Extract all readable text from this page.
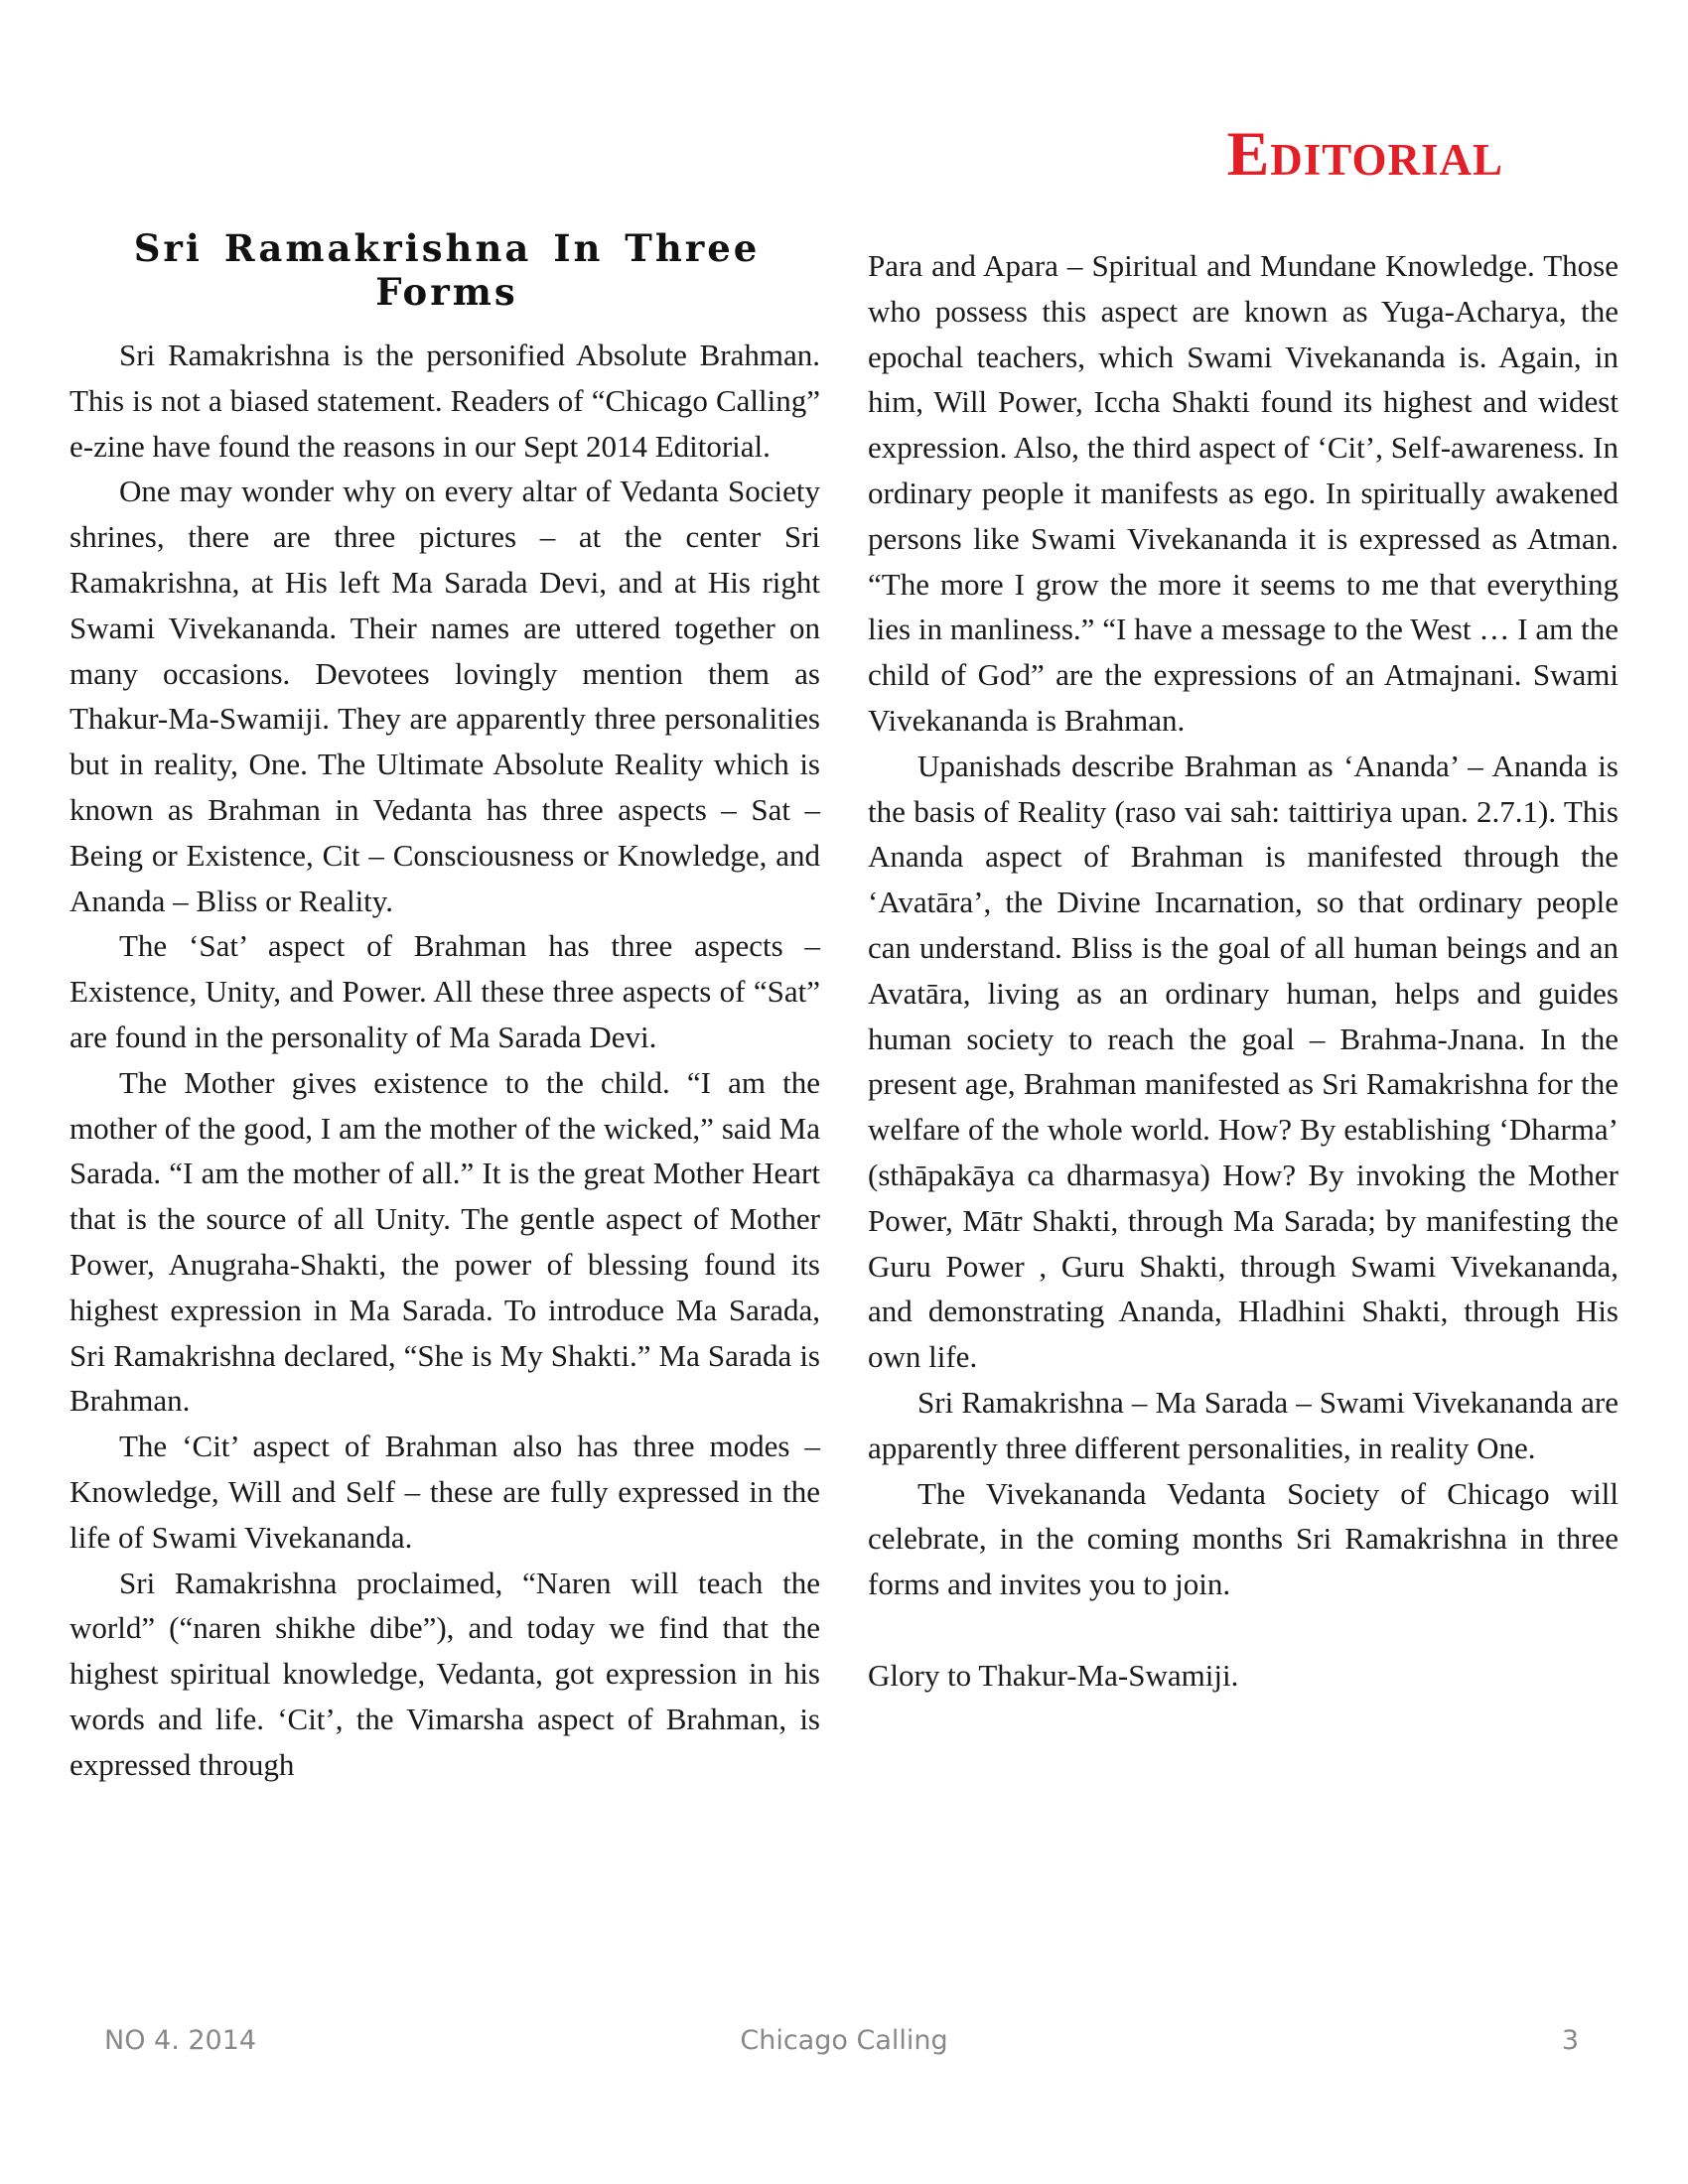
Editorial
Sri Ramakrishna In Three Forms

Sri Ramakrishna is the personified Absolute Brahman. This is not a biased statement. Readers of “Chicago Calling” e-zine have found the reasons in our Sept 2014 Editorial.

One may wonder why on every altar of Vedanta Society shrines, there are three pictures – at the center Sri Ramakrishna, at His left Ma Sarada Devi, and at His right Swami Vivekananda. Their names are uttered together on many occasions. Devotees lovingly mention them as Thakur-Ma-Swamiji. They are apparently three personalities but in reality, One. The Ultimate Absolute Reality which is known as Brahman in Vedanta has three aspects – Sat – Being or Existence, Cit – Consciousness or Knowledge, and Ananda – Bliss or Reality.

The ‘Sat’ aspect of Brahman has three aspects – Existence, Unity, and Power. All these three aspects of “Sat” are found in the personality of Ma Sarada Devi.

The Mother gives existence to the child. “I am the mother of the good, I am the mother of the wicked,” said Ma Sarada. “I am the mother of all.” It is the great Mother Heart that is the source of all Unity. The gentle aspect of Mother Power, Anugraha-Shakti, the power of blessing found its highest expression in Ma Sarada. To introduce Ma Sarada, Sri Ramakrishna declared, “She is My Shakti.” Ma Sarada is Brahman.

The ‘Cit’ aspect of Brahman also has three modes – Knowledge, Will and Self – these are fully expressed in the life of Swami Vivekananda.

Sri Ramakrishna proclaimed, “Naren will teach the world” (“naren shikhe dibe”), and today we find that the highest spiritual knowledge, Vedanta, got expression in his words and life. ‘Cit’, the Vimarsha aspect of Brahman, is expressed through

Para and Apara – Spiritual and Mundane Knowledge. Those who possess this aspect are known as Yuga-Acharya, the epochal teachers, which Swami Vivekananda is. Again, in him, Will Power, Iccha Shakti found its highest and widest expression. Also, the third aspect of ‘Cit’, Self-awareness. In ordinary people it manifests as ego. In spiritually awakened persons like Swami Vivekananda it is expressed as Atman. “The more I grow the more it seems to me that everything lies in manliness.” “I have a message to the West … I am the child of God” are the expressions of an Atmajnani. Swami Vivekananda is Brahman.

Upanishads describe Brahman as ‘Ananda’ – Ananda is the basis of Reality (raso vai sah: taittiriya upan. 2.7.1). This Ananda aspect of Brahman is manifested through the ‘Avatāra’, the Divine Incarnation, so that ordinary people can understand. Bliss is the goal of all human beings and an Avatāra, living as an ordinary human, helps and guides human society to reach the goal – Brahma-Jnana. In the present age, Brahman manifested as Sri Ramakrishna for the welfare of the whole world. How? By establishing ‘Dharma’ (sthāpakāya ca dharmasya) How? By invoking the Mother Power, Mātr Shakti, through Ma Sarada; by manifesting the Guru Power , Guru Shakti, through Swami Vivekananda, and demonstrating Ananda, Hladhini Shakti, through His own life.

Sri Ramakrishna – Ma Sarada – Swami Vivekananda are apparently three different personalities, in reality One.

The Vivekananda Vedanta Society of Chicago will celebrate, in the coming months Sri Ramakrishna in three forms and invites you to join.

Glory to Thakur-Ma-Swamiji.

NO 4. 2014	Chicago Calling	3
